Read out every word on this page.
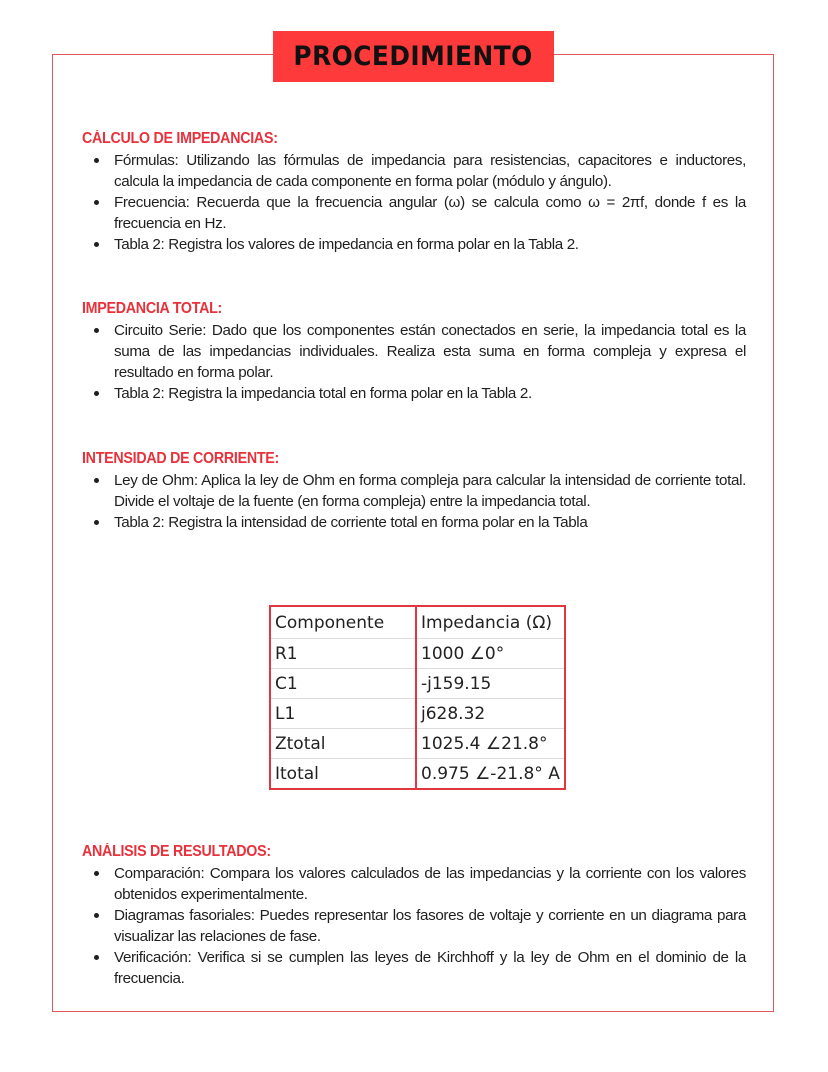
PROCEDIMIENTO
CÁLCULO DE IMPEDANCIAS:
Fórmulas: Utilizando las fórmulas de impedancia para resistencias, capacitores e inductores, calcula la impedancia de cada componente en forma polar (módulo y ángulo).
Frecuencia: Recuerda que la frecuencia angular (ω) se calcula como ω = 2πf, donde f es la frecuencia en Hz.
Tabla 2: Registra los valores de impedancia en forma polar en la Tabla 2.
IMPEDANCIA TOTAL:
Circuito Serie: Dado que los componentes están conectados en serie, la impedancia total es la suma de las impedancias individuales. Realiza esta suma en forma compleja y expresa el resultado en forma polar.
Tabla 2: Registra la impedancia total en forma polar en la Tabla 2.
INTENSIDAD DE CORRIENTE:
Ley de Ohm: Aplica la ley de Ohm en forma compleja para calcular la intensidad de corriente total. Divide el voltaje de la fuente (en forma compleja) entre la impedancia total.
Tabla 2: Registra la intensidad de corriente total en forma polar en la Tabla
Componente	Impedancia (Ω)
R1	1000 ∠0°
C1	-j159.15
L1	j628.32
Ztotal	1025.4 ∠21.8°
Itotal	0.975 ∠-21.8° A
ANÁLISIS DE RESULTADOS:
Comparación: Compara los valores calculados de las impedancias y la corriente con los valores obtenidos experimentalmente.
Diagramas fasoriales: Puedes representar los fasores de voltaje y corriente en un diagrama para visualizar las relaciones de fase.
Verificación: Verifica si se cumplen las leyes de Kirchhoff y la ley de Ohm en el dominio de la frecuencia.
